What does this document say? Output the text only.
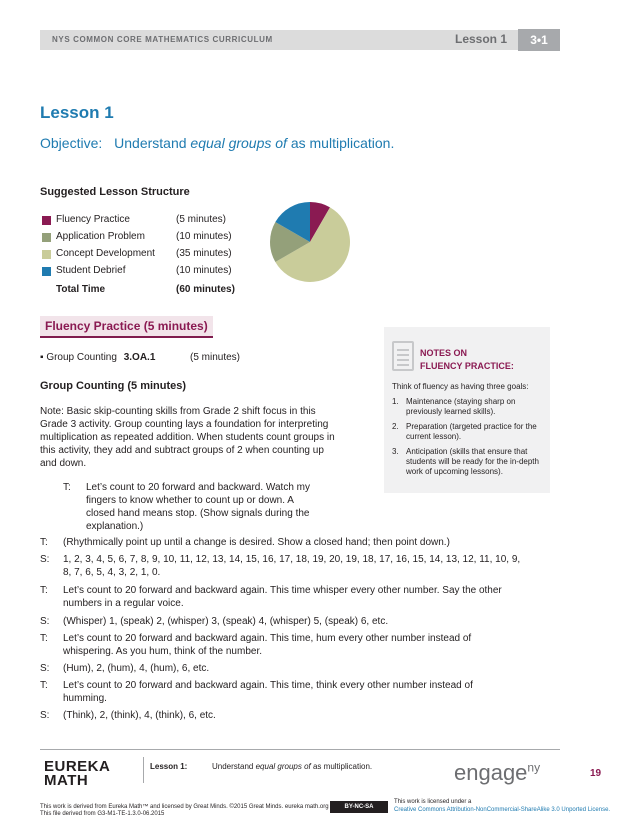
NYS COMMON CORE MATHEMATICS CURRICULUM	Lesson 1	3•1
Lesson 1
Objective: Understand equal groups of as multiplication.
Suggested Lesson Structure
Fluency Practice	(5 minutes)
Application Problem	(10 minutes)
Concept Development (35 minutes)
Student Debrief	(10 minutes)
Total Time	(60 minutes)
Fluency Practice (5 minutes)
▪ Group Counting 3.OA.1	(5 minutes)
Group Counting (5 minutes)
Note: Basic skip-counting skills from Grade 2 shift focus in this Grade 3 activity. Group counting lays a foundation for interpreting multiplication as repeated addition. When students count groups in this activity, they add and subtract groups of 2 when counting up and down.
NOTES ON
FLUENCY PRACTICE:
Think of fluency as having three goals:
1. Maintenance (staying sharp on previously learned skills).
2. Preparation (targeted practice for the current lesson).
3. Anticipation (skills that ensure that students will be ready for the in-depth work of upcoming lessons).
T: Let’s count to 20 forward and backward. Watch my
fingers to know whether to count up or down. A
closed hand means stop. (Show signals during the
explanation.)
T: (Rhythmically point up until a change is desired. Show a closed hand; then point down.)
S: 1, 2, 3, 4, 5, 6, 7, 8, 9, 10, 11, 12, 13, 14, 15, 16, 17, 18, 19, 20, 19, 18, 17, 16, 15, 14, 13, 12, 11, 10, 9,
8, 7, 6, 5, 4, 3, 2, 1, 0.
T: Let’s count to 20 forward and backward again. This time whisper every other number. Say the other
numbers in a regular voice.
S: (Whisper) 1, (speak) 2, (whisper) 3, (speak) 4, (whisper) 5, (speak) 6, etc.
T: Let’s count to 20 forward and backward again. This time, hum every other number instead of
whispering. As you hum, think of the number.
S: (Hum), 2, (hum), 4, (hum), 6, etc.
T: Let’s count to 20 forward and backward again. This time, think every other number instead of
humming.
S: (Think), 2, (think), 4, (think), 6, etc.
EUREKA
MATH
Lesson 1:	Understand equal groups of as multiplication.	engage$^{ny}$	19
This work is derived from Eureka Math™ and licensed by Great Minds. ©2015 Great Minds. eureka math.org
This file derived from G3-M1-TE-1.3.0-06.2015
BY-NC-SA
This work is licensed under a
Creative Commons Attribution-NonCommercial-ShareAlike 3.0 Unported License.
